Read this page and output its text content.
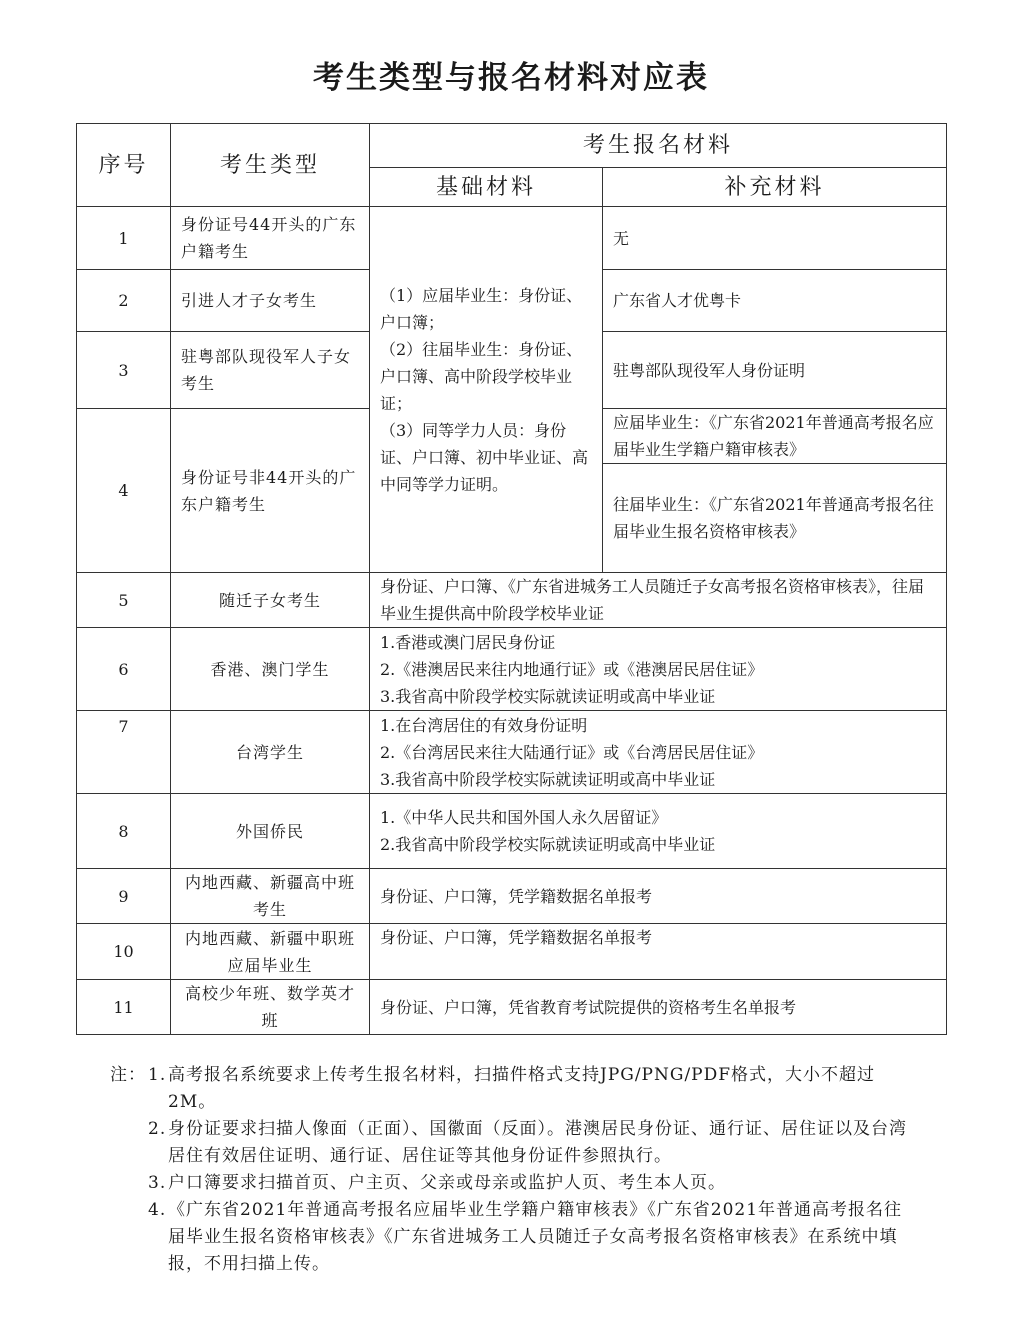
考生类型与报名材料对应表
序号	考生类型	考生报名材料	
		基础材料	补充材料
1	身份证号44开头的广东户籍考生	（1）应届毕业生：身份证、户口簿；
（2）往届毕业生：身份证、户口簿、高中阶段学校毕业证；
（3）同等学力人员：身份证、户口簿、初中毕业证、高中同等学力证明。	无
2	引进人才子女考生		广东省人才优粤卡
3	驻粤部队现役军人子女考生		驻粤部队现役军人身份证明
4	身份证号非44开头的广东户籍考生		应届毕业生：《广东省2021年普通高考报名应届毕业生学籍户籍审核表》
			往届毕业生：《广东省2021年普通高考报名往届毕业生报名资格审核表》
5	随迁子女考生	身份证、户口簿、《广东省进城务工人员随迁子女高考报名资格审核表》，往届毕业生提供高中阶段学校毕业证	
6	香港、澳门学生	1.香港或澳门居民身份证
2.《港澳居民来往内地通行证》或《港澳居民居住证》
3.我省高中阶段学校实际就读证明或高中毕业证	

7	台湾学生	1.在台湾居住的有效身份证明
2.《台湾居民来往大陆通行证》或《台湾居民居住证》
3.我省高中阶段学校实际就读证明或高中毕业证	

8	外国侨民	1.《中华人民共和国外国人永久居留证》
2.我省高中阶段学校实际就读证明或高中毕业证	

9	内地西藏、新疆高中班考生	身份证、户口簿，凭学籍数据名单报考	
10	内地西藏、新疆中职班应届毕业生	身份证、户口簿，凭学籍数据名单报考	
11	高校少年班、数学英才班	身份证、户口簿，凭省教育考试院提供的资格考生名单报考	
注： 1. 高考报名系统要求上传考生报名材料，扫描件格式支持JPG/PNG/PDF格式，大小不超过2M。
2. 身份证要求扫描人像面（正面）、国徽面（反面）。港澳居民身份证、通行证、居住证以及台湾居住有效居住证明、通行证、居住证等其他身份证件参照执行。
3. 户口簿要求扫描首页、户主页、父亲或母亲或监护人页、考生本人页。
4. 《广东省2021年普通高考报名应届毕业生学籍户籍审核表》《广东省2021年普通高考报名往届毕业生报名资格审核表》《广东省进城务工人员随迁子女高考报名资格审核表》在系统中填报，不用扫描上传。
